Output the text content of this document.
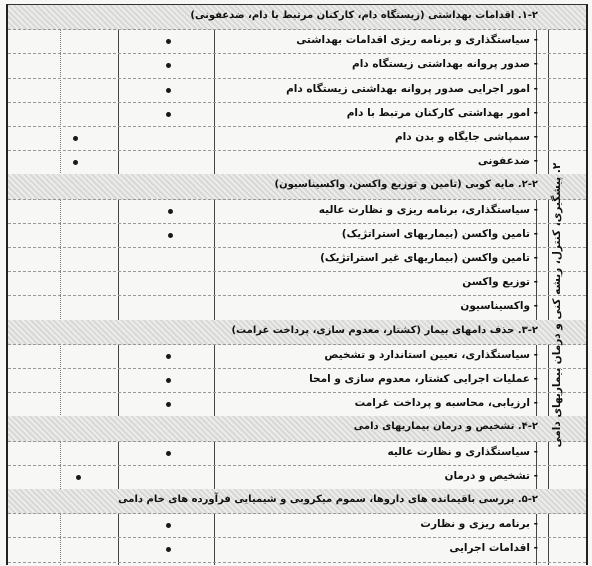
۱-۲. اقدامات بهداشتی (زیستگاه دام، کارکنان مرتبط با دام، ضدعفونی)
- سیاستگذاری و برنامه ریزی اقدامات بهداشتی
- صدور پروانه بهداشتی زیستگاه دام
- امور اجرایی صدور پروانه بهداشتی زیستگاه دام
- امور بهداشتی کارکنان مرتبط با دام
- سمپاشی جایگاه و بدن دام
- ضدعفونی
۲-۲. مایه کوبی (تامین و توزیع واکسن، واکسیناسیون)
- سیاستگذاری، برنامه ریزی و نظارت عالیه
- تامین واکسن (بیماریهای استراتژیک)
- تامین واکسن (بیماریهای غیر استراتژیک)
- توزیع واکسن
- واکسیناسیون
۳-۲. حذف دامهای بیمار (کشتار، معدوم سازی، پرداخت غرامت)
- سیاستگذاری، تعیین استاندارد و تشخیص
- عملیات اجرایی کشتار، معدوم سازی و امحا
- ارزیابی، محاسبه و پرداخت غرامت
۴-۲. تشخیص و درمان بیماریهای دامی
- سیاستگذاری و نظارت عالیه
- تشخیص و درمان
۵-۲. بررسی باقیمانده های داروها، سموم میکروبی و شیمیایی فرآورده های خام دامی
- برنامه ریزی و نظارت
- اقدامات اجرایی
۲. پیشگیری، کنترل، ریشه کنی و درمان بیماریهای دامی
